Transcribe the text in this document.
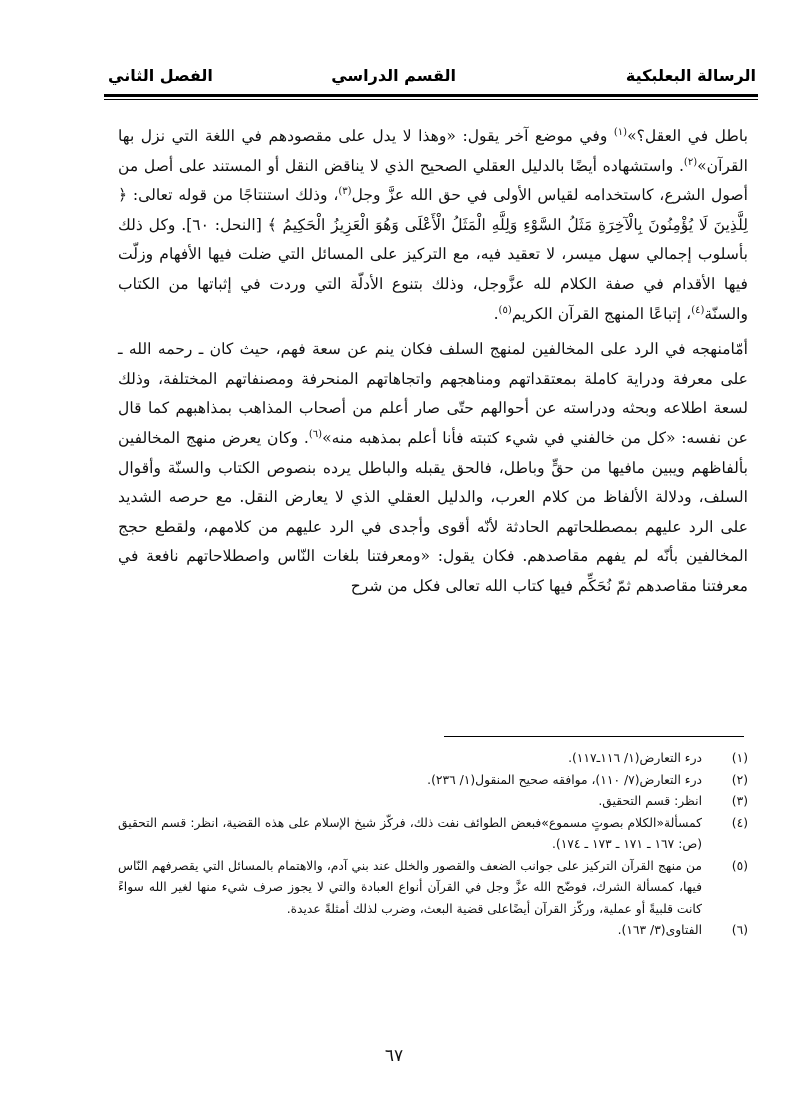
الرسالة البعلبكية
القسم الدراسي
الفصل الثاني

باطل في العقل؟»$^{(١)}$ وفي موضع آخر يقول: «وهذا لا يدل على مقصودهم في اللغة التي نزل بها القرآن»$^{(٢)}$. واستشهاده أيضًا بالدليل العقلي الصحيح الذي لا يناقض النقل أو المستند على أصل من أصول الشرع، كاستخدامه لقياس الأولى في حق الله عزَّ وجل$^{(٣)}$، وذلك استنتاجًا من قوله تعالى: ﴿ لِلَّذِينَ لَا يُؤْمِنُونَ بِالْآخِرَةِ مَثَلُ السَّوْءِ وَلِلَّهِ الْمَثَلُ الْأَعْلَى وَهُوَ الْعَزِيزُ الْحَكِيمُ ﴾ [النحل: ٦٠]. وكل ذلك بأسلوب إجمالي سهل ميسر، لا تعقيد فيه، مع التركيز على المسائل التي ضلت فيها الأفهام وزلّت فيها الأقدام في صفة الكلام لله عزَّوجل، وذلك بتنوع الأدلّة التي وردت في إثباتها من الكتاب والسنّة$^{(٤)}$، إتباعًا المنهج القرآن الكريم$^{(٥)}$.

أمّامنهجه في الرد على المخالفين لمنهج السلف فكان ينم عن سعة فهم، حيث كان ـ رحمه الله ـ على معرفة ودراية كاملة بمعتقداتهم ومناهجهم واتجاهاتهم المنحرفة ومصنفاتهم المختلفة، وذلك لسعة اطلاعه وبحثه ودراسته عن أحوالهم حتّى صار أعلم من أصحاب المذاهب بمذاهبهم كما قال عن نفسه: «كل من خالفني في شيء كتبته فأنا أعلم بمذهبه منه»$^{(٦)}$. وكان يعرض منهج المخالفين بألفاظهم ويبين مافيها من حقٍّ وباطل، فالحق يقبله والباطل يرده بنصوص الكتاب والسنّة وأقوال السلف، ودلالة الألفاظ من كلام العرب، والدليل العقلي الذي لا يعارض النقل. مع حرصه الشديد على الرد عليهم بمصطلحاتهم الحادثة لأنّه أقوى وأجدى في الرد عليهم من كلامهم، ولقطع حجج المخالفين بأنّه لم يفهم مقاصدهم. فكان يقول: «ومعرفتنا بلغات النّاس واصطلاحاتهم نافعة في معرفتنا مقاصدهم ثمّ نُحَكِّم فيها كتاب الله تعالى فكل من شرح

(١)
درء التعارض(١/ ١١٦ـ١١٧).
(٢)
درء التعارض(٧/ ١١٠)، موافقه صحيح المنقول(١/ ٢٣٦).
(٣)
انظر: قسم التحقيق.
(٤)
كمسألة«الكلام بصوتٍ مسموع»فبعض الطوائف نفت ذلك، فركّز شيخ الإسلام على هذه القضية، انظر: قسم التحقيق (ص: ١٦٧ ـ ١٧١ ـ ١٧٣ ـ ١٧٤).
(٥)
من منهج القرآن التركيز على جوانب الضعف والقصور والخلل عند بني آدم، والاهتمام بالمسائل التي يقصرفهم النّاس فيها، كمسألة الشرك، فوضّح الله عزَّ وجل في القرآن أنواع العبادة والتي لا يجوز صرف شيء منها لغير الله سواءً كانت قلبيةً أو عملية، وركّز القرآن أيضًاعلى قضية البعث، وضرب لذلك أمثلةً عديدة.
(٦)
الفتاوى(٣/ ١٦٣).
٦٧
